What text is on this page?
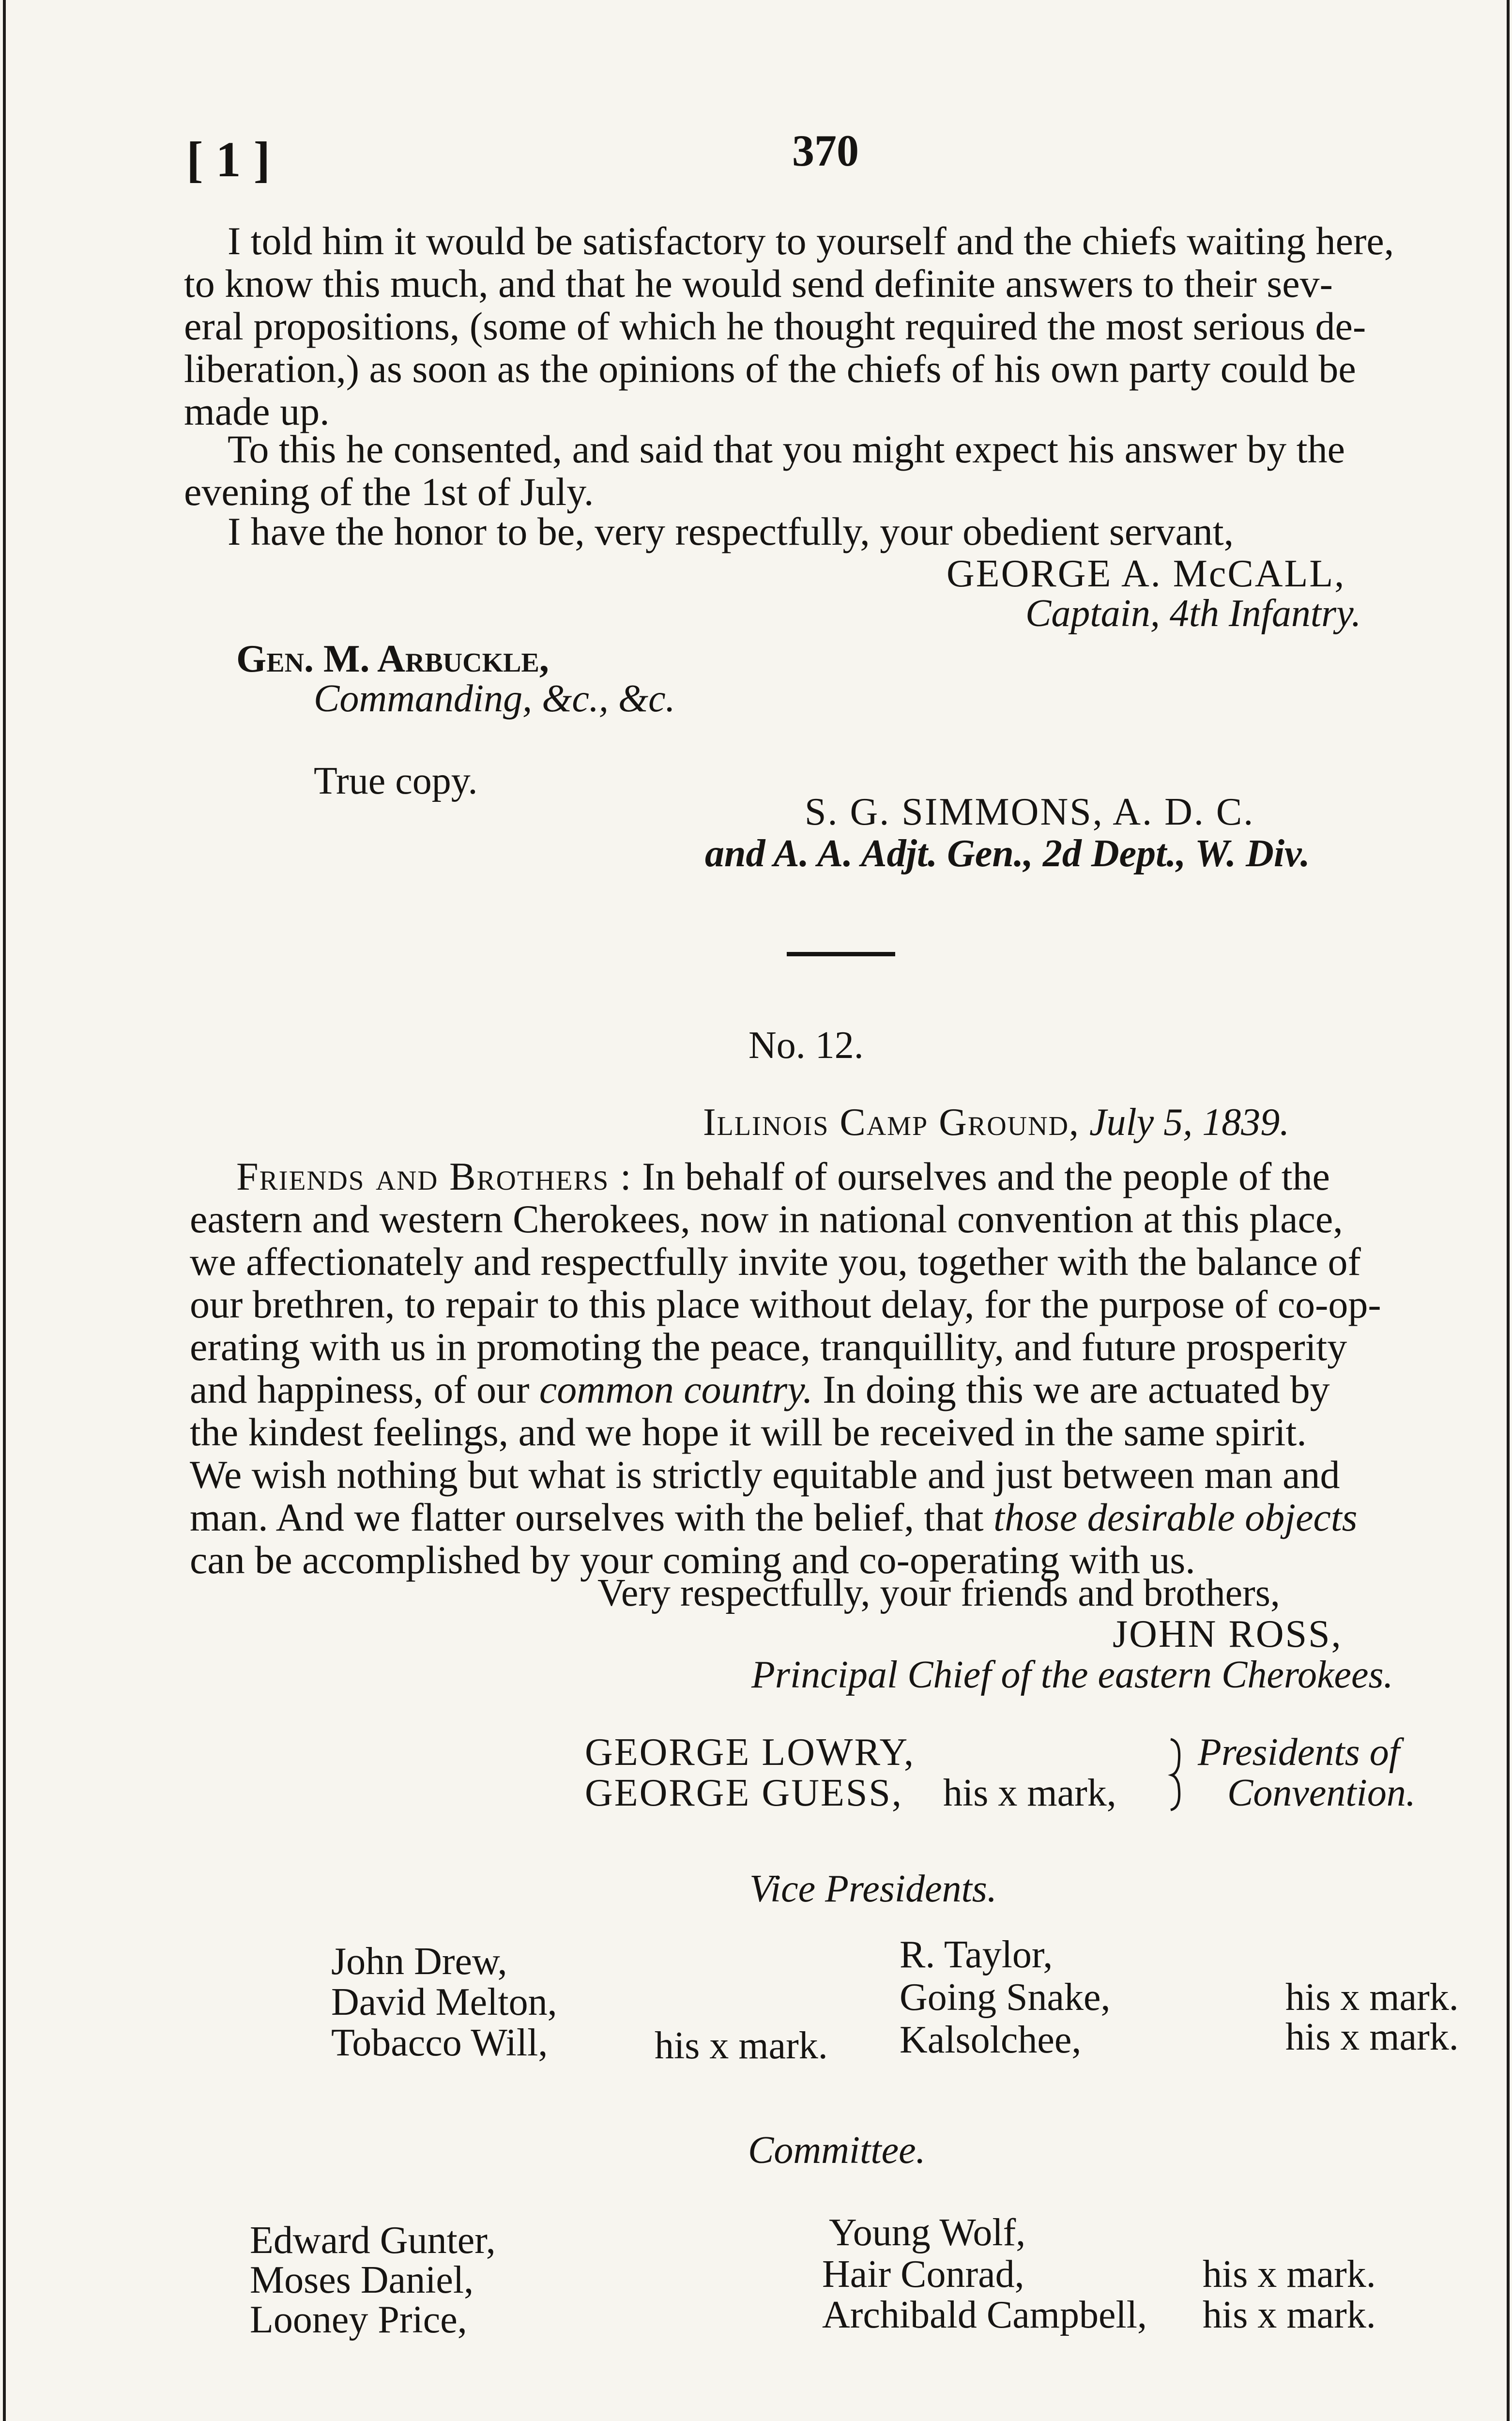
[ 1 ]	370
I told him it would be satisfactory to yourself and the chiefs waiting here,
to know this much, and that he would send definite answers to their sev-
eral propositions, (some of which he thought required the most serious de-
liberation,) as soon as the opinions of the chiefs of his own party could be
made up.
To this he consented, and said that you might expect his answer by the
evening of the 1st of July.
I have the honor to be, very respectfully, your obedient servant,
GEORGE A. McCALL,
Captain, 4th Infantry.
Gen. M. Arbuckle,
Commanding, &c., &c.
True copy.
S. G. SIMMONS, A. D. C.
and A. A. Adjt. Gen., 2d Dept., W. Div.
No. 12.
Illinois Camp Ground, July 5, 1839.
Friends and Brothers : In behalf of ourselves and the people of the
eastern and western Cherokees, now in national convention at this place,
we affectionately and respectfully invite you, together with the balance of
our brethren, to repair to this place without delay, for the purpose of co-op-
erating with us in promoting the peace, tranquillity, and future prosperity
and happiness, of our common country. In doing this we are actuated by
the kindest feelings, and we hope it will be received in the same spirit.
We wish nothing but what is strictly equitable and just between man and
man. And we flatter ourselves with the belief, that those desirable objects
can be accomplished by your coming and co-operating with us.
Very respectfully, your friends and brothers,
JOHN ROSS,
Principal Chief of the eastern Cherokees.
GEORGE LOWRY,
GEORGE GUESS, his x mark,
Presidents of
Convention.
Vice Presidents.
John Drew,
David Melton,
Tobacco Will,	his x mark.
R. Taylor,
Going Snake,
Kalsolchee,
his x mark.
his x mark.
Committee.
Edward Gunter,
Moses Daniel,
Looney Price,
Young Wolf,
Hair Conrad,
Archibald Campbell,
his x mark.
his x mark.
